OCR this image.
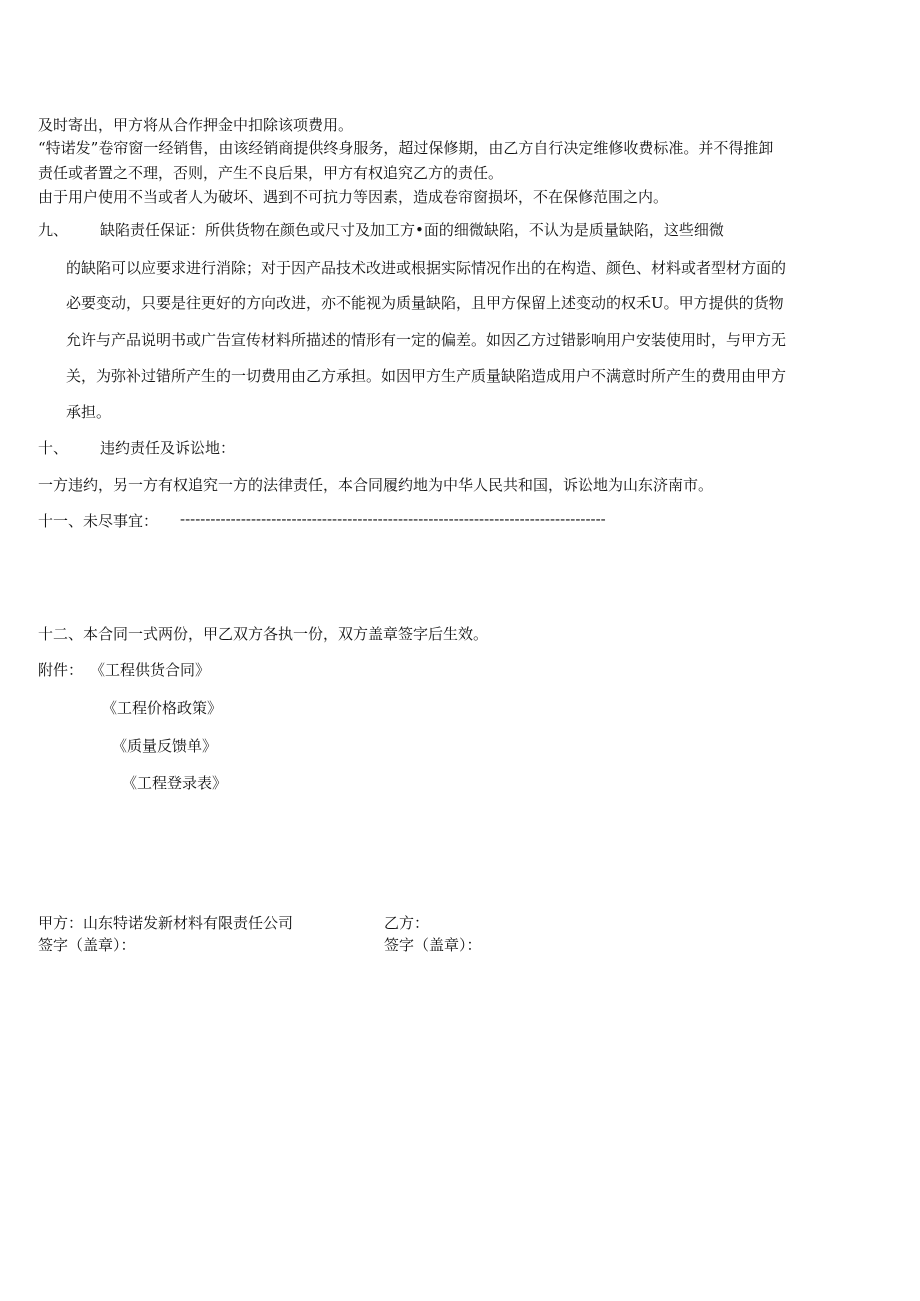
及时寄出，甲方将从合作押金中扣除该项费用。
“特诺发”卷帘窗一经销售，由该经销商提供终身服务，超过保修期，由乙方自行决定维修收费标准。并不得推卸
责任或者置之不理，否则，产生不良后果，甲方有权追究乙方的责任。
由于用户使用不当或者人为破坏、遇到不可抗力等因素，造成卷帘窗损坏，不在保修范围之内。
九、 缺陷责任保证：所供货物在颜色或尺寸及加工方•面的细微缺陷，不认为是质量缺陷，这些细微
的缺陷可以应要求进行消除；对于因产品技术改进或根据实际情况作出的在构造、颜色、材料或者型材方面的
必要变动，只要是往更好的方向改进，亦不能视为质量缺陷，且甲方保留上述变动的权禾U。甲方提供的货物
允许与产品说明书或广告宣传材料所描述的情形有一定的偏差。如因乙方过错影响用户安装使用时，与甲方无
关，为弥补过错所产生的一切费用由乙方承担。如因甲方生产质量缺陷造成用户不满意时所产生的费用由甲方
承担。
十、 违约责任及诉讼地：
一方违约，另一方有权追究一方的法律责任，本合同履约地为中华人民共和国，诉讼地为山东济南市。
十一、未尽事宜： ------------------------------------------------------------------------------------
十二、本合同一式两份，甲乙双方各执一份，双方盖章签字后生效。
附件： 《工程供货合同》
《工程价格政策》
《质量反馈单》
《工程登录表》
甲方：山东特诺发新材料有限责任公司
签字（盖章）：
乙方：
签字（盖章）：
